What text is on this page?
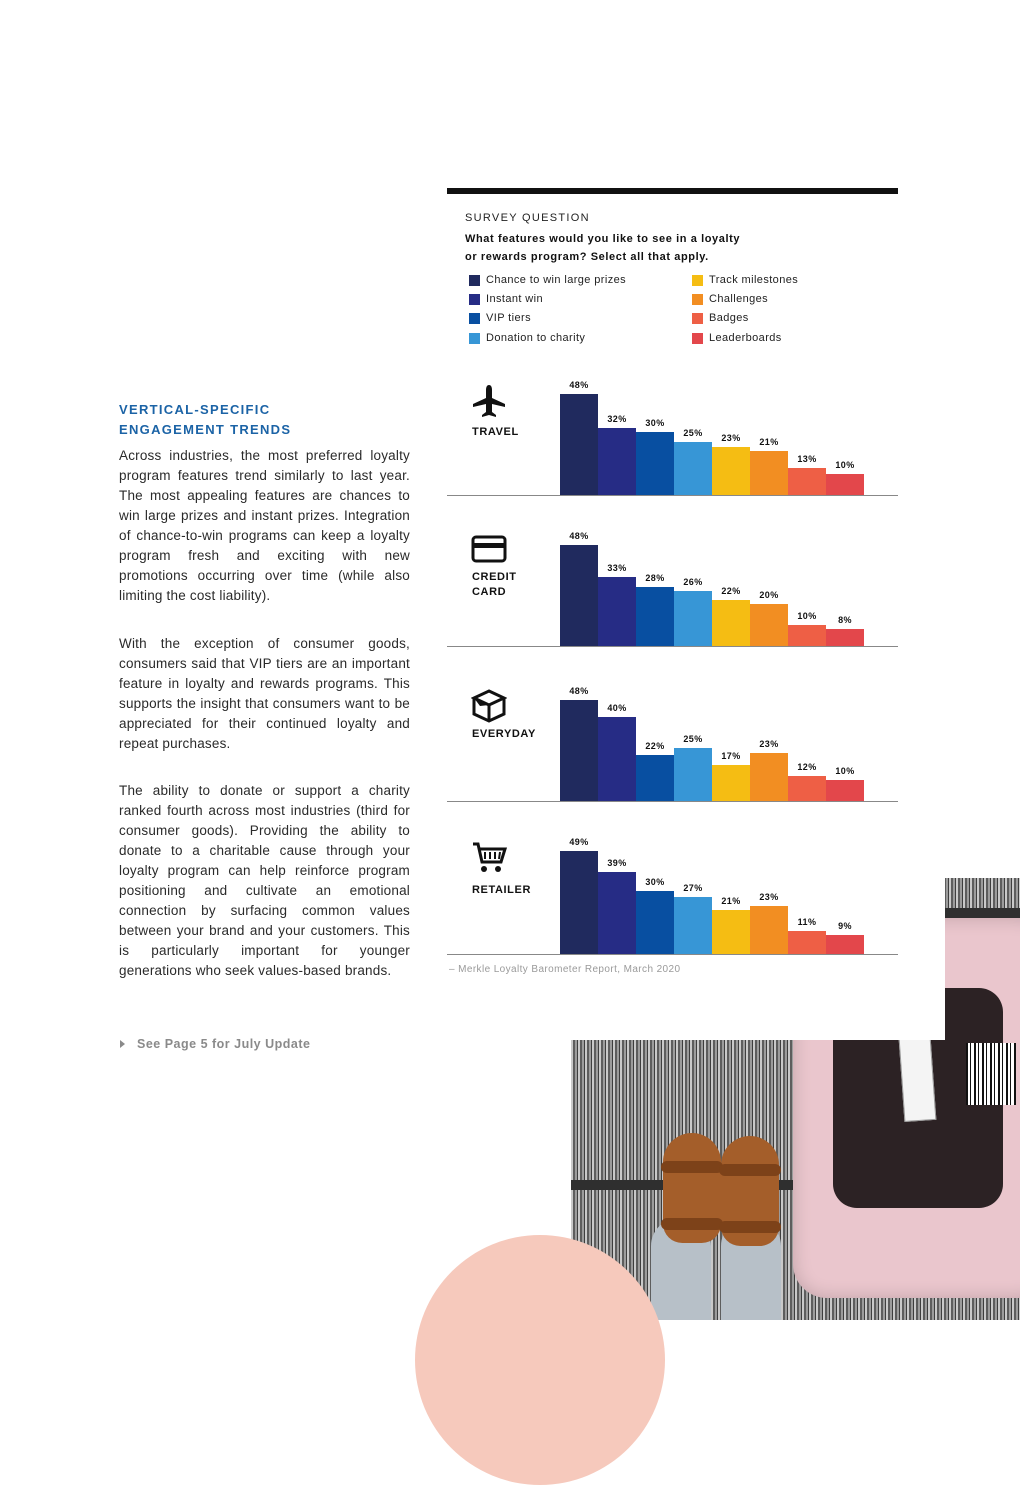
VERTICAL-SPECIFIC
ENGAGEMENT TRENDS

Across industries, the most preferred loyalty program features trend similarly to last year. The most appealing features are chances to win large prizes and instant prizes. Integration of chance-to-win programs can keep a loyalty program fresh and exciting with new promotions occurring over time (while also limiting the cost liability).

With the exception of consumer goods, consumers said that VIP tiers are an important feature in loyalty and rewards programs. This supports the insight that consumers want to be appreciated for their continued loyalty and repeat purchases.

The ability to donate or support a charity ranked fourth across most industries (third for consumer goods). Providing the ability to donate to a charitable cause through your loyalty program can help reinforce program positioning and cultivate an emotional connection by surfacing common values between your brand and your customers. This is particularly important for younger generations who seek values-based brands.

See Page 5 for July Update
SURVEY QUESTION
What features would you like to see in a loyalty
or rewards program? Select all that apply.
– Merkle Loyalty Barometer Report, March 2020
Chance to win large prizes
Instant win
VIP tiers
Donation to charity
Track milestones
Challenges
Badges
Leaderboards
TRAVEL
48%
32%	30%
25%	23%	21%
13%
10%
CREDIT
CARD
48%
33%
28%	26%
22%	20%
10%	8%
EVERYDAY
48%
40%
22%
25%
17%
23%
12%	10%
RETAILER
49%
39%
30%
27%
21%	23%
11%	9%
